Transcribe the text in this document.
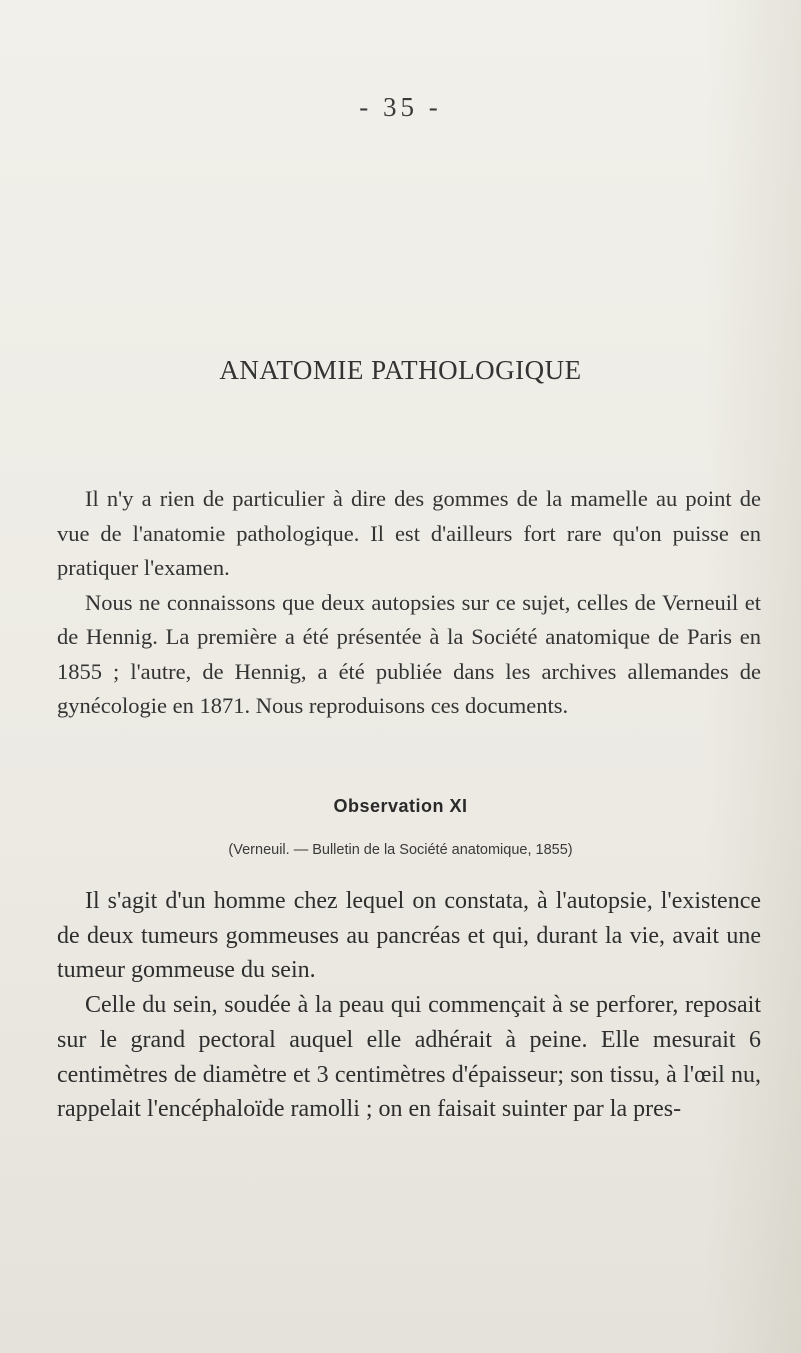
- 35 -
ANATOMIE PATHOLOGIQUE

Il n'y a rien de particulier à dire des gommes de la mamelle au point de vue de l'anatomie pathologique. Il est d'ailleurs fort rare qu'on puisse en pratiquer l'examen.

Nous ne connaissons que deux autopsies sur ce sujet, celles de Verneuil et de Hennig. La première a été présentée à la Société anatomique de Paris en 1855 ; l'autre, de Hennig, a été publiée dans les archives allemandes de gynécologie en 1871. Nous reproduisons ces documents.

Observation XI
(Verneuil. — Bulletin de la Société anatomique, 1855)

Il s'agit d'un homme chez lequel on constata, à l'autopsie, l'existence de deux tumeurs gommeuses au pancréas et qui, durant la vie, avait une tumeur gommeuse du sein.

Celle du sein, soudée à la peau qui commençait à se perforer, reposait sur le grand pectoral auquel elle adhérait à peine. Elle mesurait 6 centimètres de diamètre et 3 centimètres d'épaisseur; son tissu, à l'œil nu, rappelait l'encéphaloïde ramolli ; on en faisait suinter par la pres-
